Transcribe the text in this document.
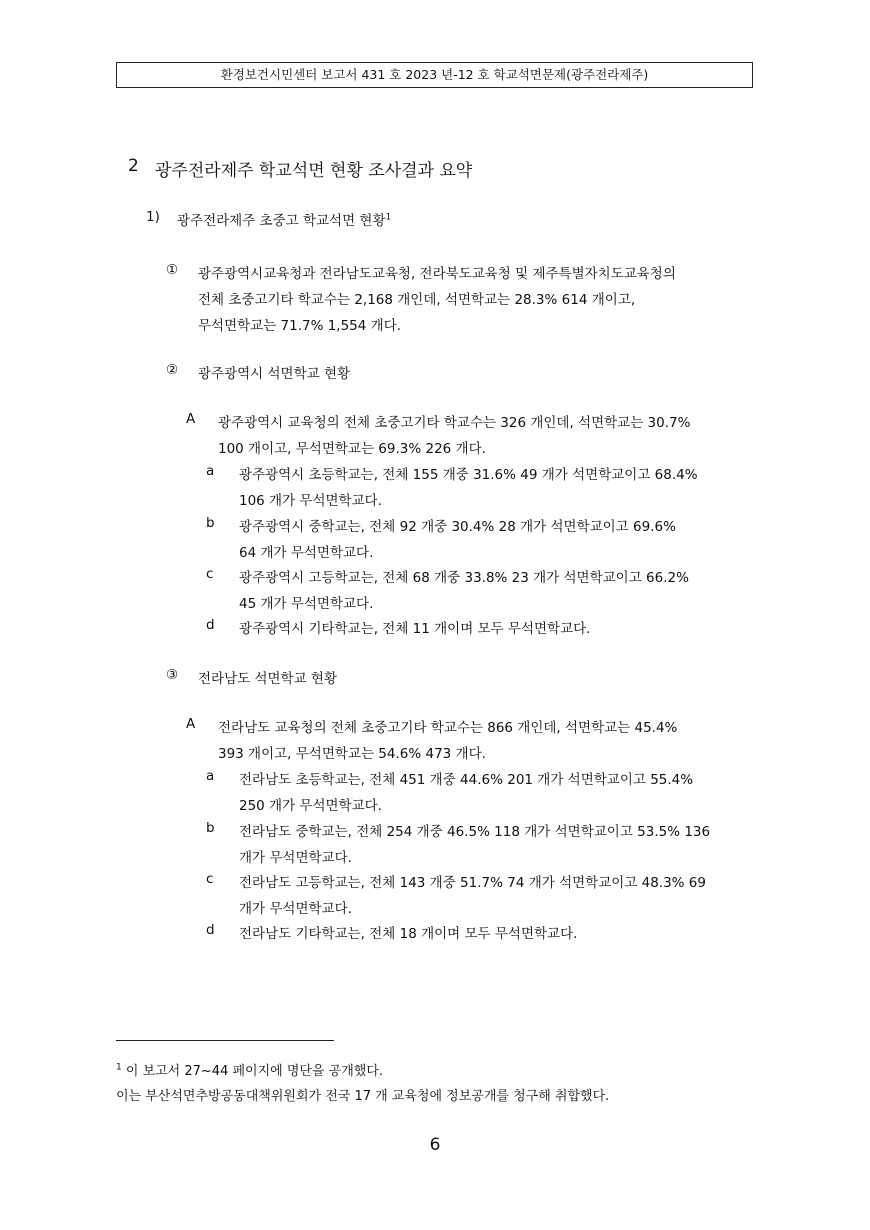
환경보건시민센터 보고서 431 호 2023 년-12 호 학교석면문제(광주전라제주)
2 광주전라제주 학교석면 현황 조사결과 요약
1) 광주전라제주 초중고 학교석면 현황$^1$
① 광주광역시교육청과 전라남도교육청, 전라북도교육청 및 제주특별자치도교육청의
전체 초중고기타 학교수는 2,168 개인데, 석면학교는 28.3% 614 개이고,
무석면학교는 71.7% 1,554 개다.
② 광주광역시 석면학교 현황
A 광주광역시 교육청의 전체 초중고기타 학교수는 326 개인데, 석면학교는 30.7%
100 개이고, 무석면학교는 69.3% 226 개다.
a 광주광역시 초등학교는, 전체 155 개중 31.6% 49 개가 석면학교이고 68.4%
106 개가 무석면학교다.
b 광주광역시 중학교는, 전체 92 개중 30.4% 28 개가 석면학교이고 69.6%
64 개가 무석면학교다.
c 광주광역시 고등학교는, 전체 68 개중 33.8% 23 개가 석면학교이고 66.2%
45 개가 무석면학교다.
d 광주광역시 기타학교는, 전체 11 개이며 모두 무석면학교다.
③ 전라남도 석면학교 현황
A 전라남도 교육청의 전체 초중고기타 학교수는 866 개인데, 석면학교는 45.4%
393 개이고, 무석면학교는 54.6% 473 개다.
a 전라남도 초등학교는, 전체 451 개중 44.6% 201 개가 석면학교이고 55.4%
250 개가 무석면학교다.
b 전라남도 중학교는, 전체 254 개중 46.5% 118 개가 석면학교이고 53.5% 136
개가 무석면학교다.
c 전라남도 고등학교는, 전체 143 개중 51.7% 74 개가 석면학교이고 48.3% 69
개가 무석면학교다.
d 전라남도 기타학교는, 전체 18 개이며 모두 무석면학교다.
$^1$ 이 보고서 27~44 페이지에 명단을 공개했다.
이는 부산석면추방공동대책위원회가 전국 17 개 교육청에 정보공개를 청구해 취합했다.
6
